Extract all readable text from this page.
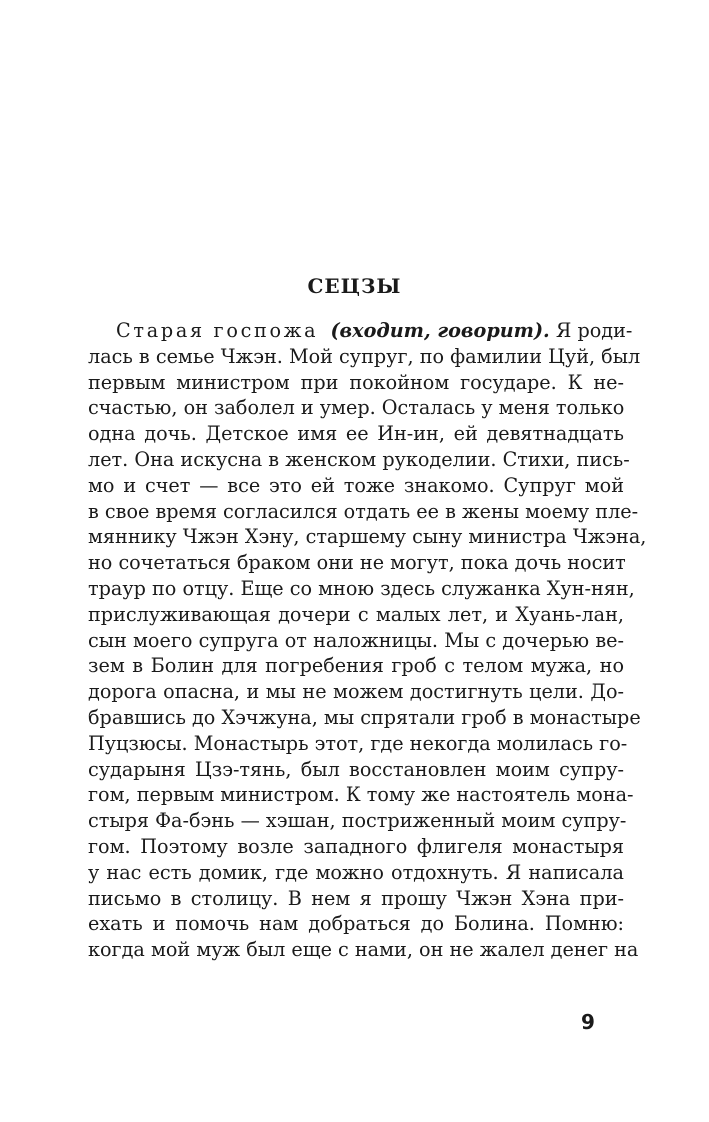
СЕЦЗЫ
Старая госпожа (входит, говорит). Я роди-
лась в семье Чжэн. Мой супруг, по фамилии Цуй, был
первым министром при покойном государе. К не-
счастью, он заболел и умер. Осталась у меня только
одна дочь. Детское имя ее Ин-ин, ей девятнадцать
лет. Она искусна в женском рукоделии. Стихи, пись-
мо и счет — все это ей тоже знакомо. Супруг мой
в свое время согласился отдать ее в жены моему пле-
мяннику Чжэн Хэну, старшему сыну министра Чжэна,
но сочетаться браком они не могут, пока дочь носит
траур по отцу. Еще со мною здесь служанка Хун-нян,
прислуживающая дочери с малых лет, и Хуань-лан,
сын моего супруга от наложницы. Мы с дочерью ве-
зем в Болин для погребения гроб с телом мужа, но
дорога опасна, и мы не можем достигнуть цели. До-
бравшись до Хэчжуна, мы спрятали гроб в монастыре
Пуцзюсы. Монастырь этот, где некогда молилась го-
сударыня Цзэ-тянь, был восстановлен моим супру-
гом, первым министром. К тому же настоятель мона-
стыря Фа-бэнь — хэшан, постриженный моим супру-
гом. Поэтому возле западного флигеля монастыря
у нас есть домик, где можно отдохнуть. Я написала
письмо в столицу. В нем я прошу Чжэн Хэна при-
ехать и помочь нам добраться до Болина. Помню:
когда мой муж был еще с нами, он не жалел денег на
9
